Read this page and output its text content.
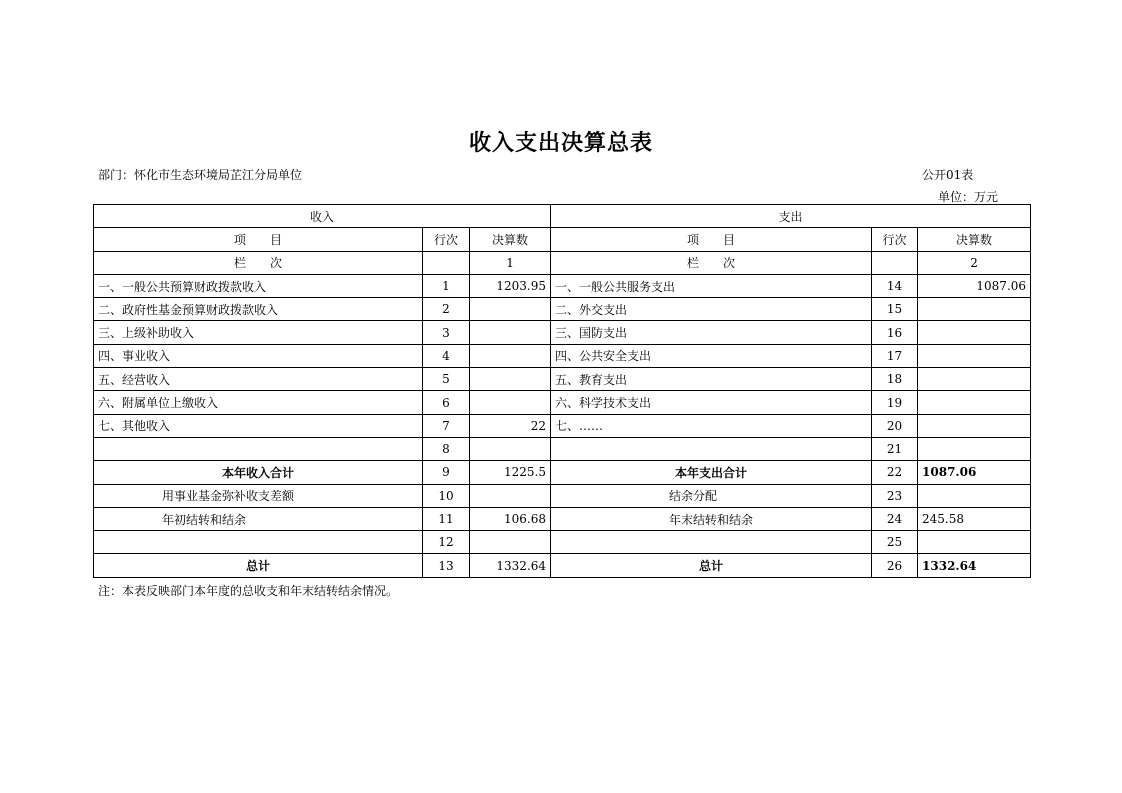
收入支出决算总表
部门：怀化市生态环境局芷江分局单位	公开01表
单位：万元
收入			支出		
项　　目	行次	决算数	项　　目	行次	决算数
栏　　次		1	栏　　次		2
一、一般公共预算财政拨款收入	1	1203.95	一、一般公共服务支出	14	1087.06
二、政府性基金预算财政拨款收入	2		二、外交支出	15	
三、上级补助收入	3		三、国防支出	16	
四、事业收入	4		四、公共安全支出	17	
五、经营收入	5		五、教育支出	18	
六、附属单位上缴收入	6		六、科学技术支出	19	
七、其他收入	7	22	七、……	20	
	8			21	
本年收入合计	9	1225.5	本年支出合计	22	1087.06
用事业基金弥补收支差额	10		结余分配	23	
年初结转和结余	11	106.68	年末结转和结余	24	245.58
	12			25	
总计	13	1332.64	总计	26	1332.64
注：本表反映部门本年度的总收支和年末结转结余情况。
